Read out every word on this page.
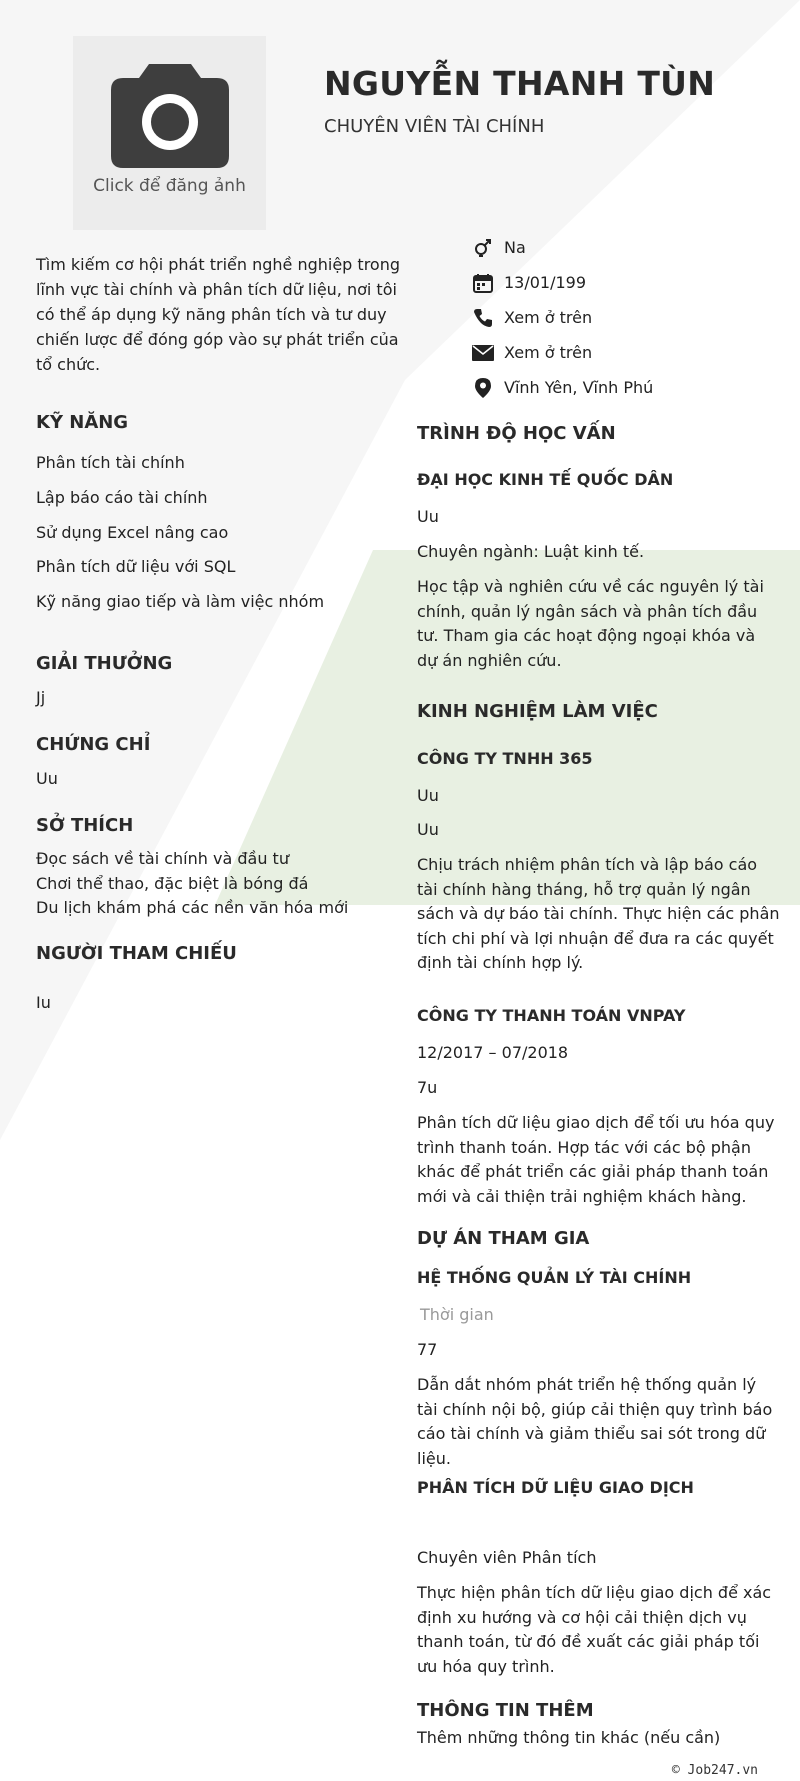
Click để đăng ảnh
NGUYỄN THANH TÙN
CHUYÊN VIÊN TÀI CHÍNH
Tìm kiếm cơ hội phát triển nghề nghiệp trong lĩnh vực tài chính và phân tích dữ liệu, nơi tôi có thể áp dụng kỹ năng phân tích và tư duy chiến lược để đóng góp vào sự phát triển của tổ chức.
Na
13/01/199
Xem ở trên
Xem ở trên
Vĩnh Yên, Vĩnh Phú
KỸ NĂNG
Phân tích tài chính
Lập báo cáo tài chính
Sử dụng Excel nâng cao
Phân tích dữ liệu với SQL
Kỹ năng giao tiếp và làm việc nhóm
GIẢI THƯỞNG
Jj
CHỨNG CHỈ
Uu
SỞ THÍCH
Đọc sách về tài chính và đầu tư
Chơi thể thao, đặc biệt là bóng đá
Du lịch khám phá các nền văn hóa mới
NGƯỜI THAM CHIẾU
Iu
TRÌNH ĐỘ HỌC VẤN
ĐẠI HỌC KINH TẾ QUỐC DÂN
Uu
Chuyên ngành: Luật kinh tế.
Học tập và nghiên cứu về các nguyên lý tài chính, quản lý ngân sách và phân tích đầu tư. Tham gia các hoạt động ngoại khóa và dự án nghiên cứu.
KINH NGHIỆM LÀM VIỆC
CÔNG TY TNHH 365
Uu
Uu
Chịu trách nhiệm phân tích và lập báo cáo tài chính hàng tháng, hỗ trợ quản lý ngân sách và dự báo tài chính. Thực hiện các phân tích chi phí và lợi nhuận để đưa ra các quyết định tài chính hợp lý.
CÔNG TY THANH TOÁN VNPAY
12/2017 – 07/2018
7u
Phân tích dữ liệu giao dịch để tối ưu hóa quy trình thanh toán. Hợp tác với các bộ phận khác để phát triển các giải pháp thanh toán mới và cải thiện trải nghiệm khách hàng.
DỰ ÁN THAM GIA
HỆ THỐNG QUẢN LÝ TÀI CHÍNH
Thời gian
77
Dẫn dắt nhóm phát triển hệ thống quản lý tài chính nội bộ, giúp cải thiện quy trình báo cáo tài chính và giảm thiểu sai sót trong dữ liệu.
PHÂN TÍCH DỮ LIỆU GIAO DỊCH
Chuyên viên Phân tích
Thực hiện phân tích dữ liệu giao dịch để xác định xu hướng và cơ hội cải thiện dịch vụ thanh toán, từ đó đề xuất các giải pháp tối ưu hóa quy trình.
THÔNG TIN THÊM
Thêm những thông tin khác (nếu cần)
© Job247.vn
